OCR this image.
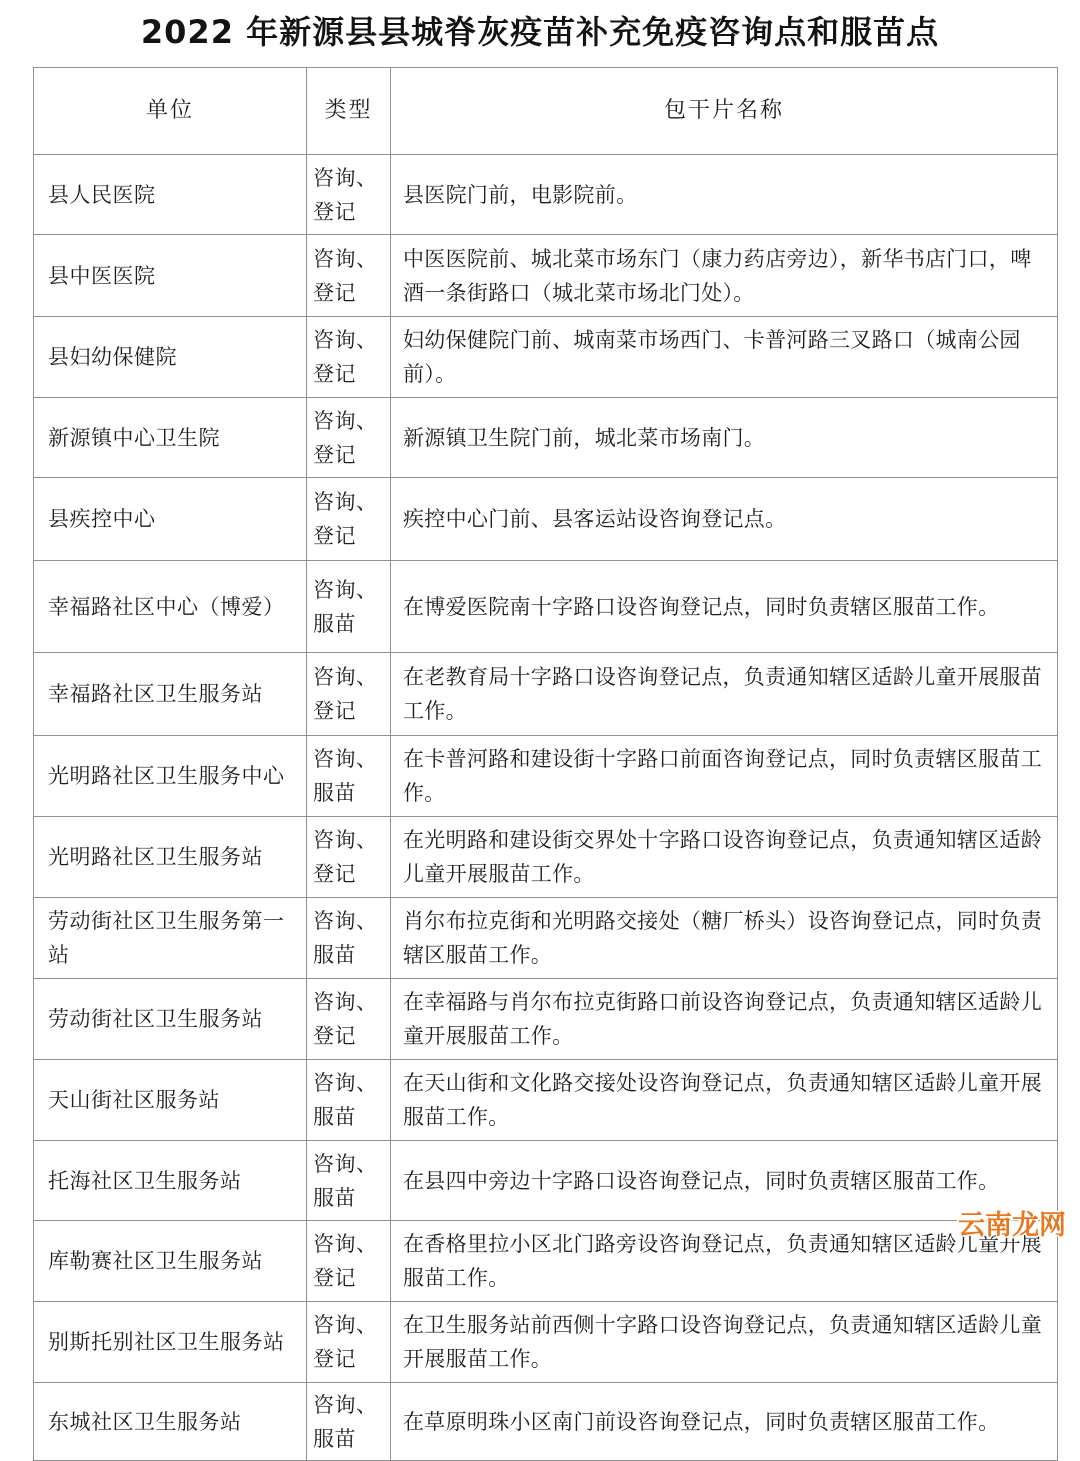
2022 年新源县县城脊灰疫苗补充免疫咨询点和服苗点
单位	类型	包干片名称
县人民医院	咨询、登记	县医院门前，电影院前。
县中医医院	咨询、登记	中医医院前、城北菜市场东门（康力药店旁边），新华书店门口，啤酒一条街路口（城北菜市场北门处）。
县妇幼保健院	咨询、登记	妇幼保健院门前、城南菜市场西门、卡普河路三叉路口（城南公园前）。
新源镇中心卫生院	咨询、登记	新源镇卫生院门前，城北菜市场南门。
县疾控中心	咨询、登记	疾控中心门前、县客运站设咨询登记点。
幸福路社区中心（博爱）	咨询、服苗	在博爱医院南十字路口设咨询登记点，同时负责辖区服苗工作。
幸福路社区卫生服务站	咨询、登记	在老教育局十字路口设咨询登记点，负责通知辖区适龄儿童开展服苗工作。
光明路社区卫生服务中心	咨询、服苗	在卡普河路和建设街十字路口前面咨询登记点，同时负责辖区服苗工作。
光明路社区卫生服务站	咨询、登记	在光明路和建设街交界处十字路口设咨询登记点，负责通知辖区适龄儿童开展服苗工作。
劳动街社区卫生服务第一站	咨询、服苗	肖尔布拉克街和光明路交接处（糖厂桥头）设咨询登记点，同时负责辖区服苗工作。
劳动街社区卫生服务站	咨询、登记	在幸福路与肖尔布拉克街路口前设咨询登记点，负责通知辖区适龄儿童开展服苗工作。
天山街社区服务站	咨询、服苗	在天山街和文化路交接处设咨询登记点，负责通知辖区适龄儿童开展服苗工作。
托海社区卫生服务站	咨询、服苗	在县四中旁边十字路口设咨询登记点，同时负责辖区服苗工作。
库勒赛社区卫生服务站	咨询、登记	在香格里拉小区北门路旁设咨询登记点，负责通知辖区适龄儿童开展服苗工作。
别斯托别社区卫生服务站	咨询、登记	在卫生服务站前西侧十字路口设咨询登记点，负责通知辖区适龄儿童开展服苗工作。
东城社区卫生服务站	咨询、服苗	在草原明珠小区南门前设咨询登记点，同时负责辖区服苗工作。
云南龙网
